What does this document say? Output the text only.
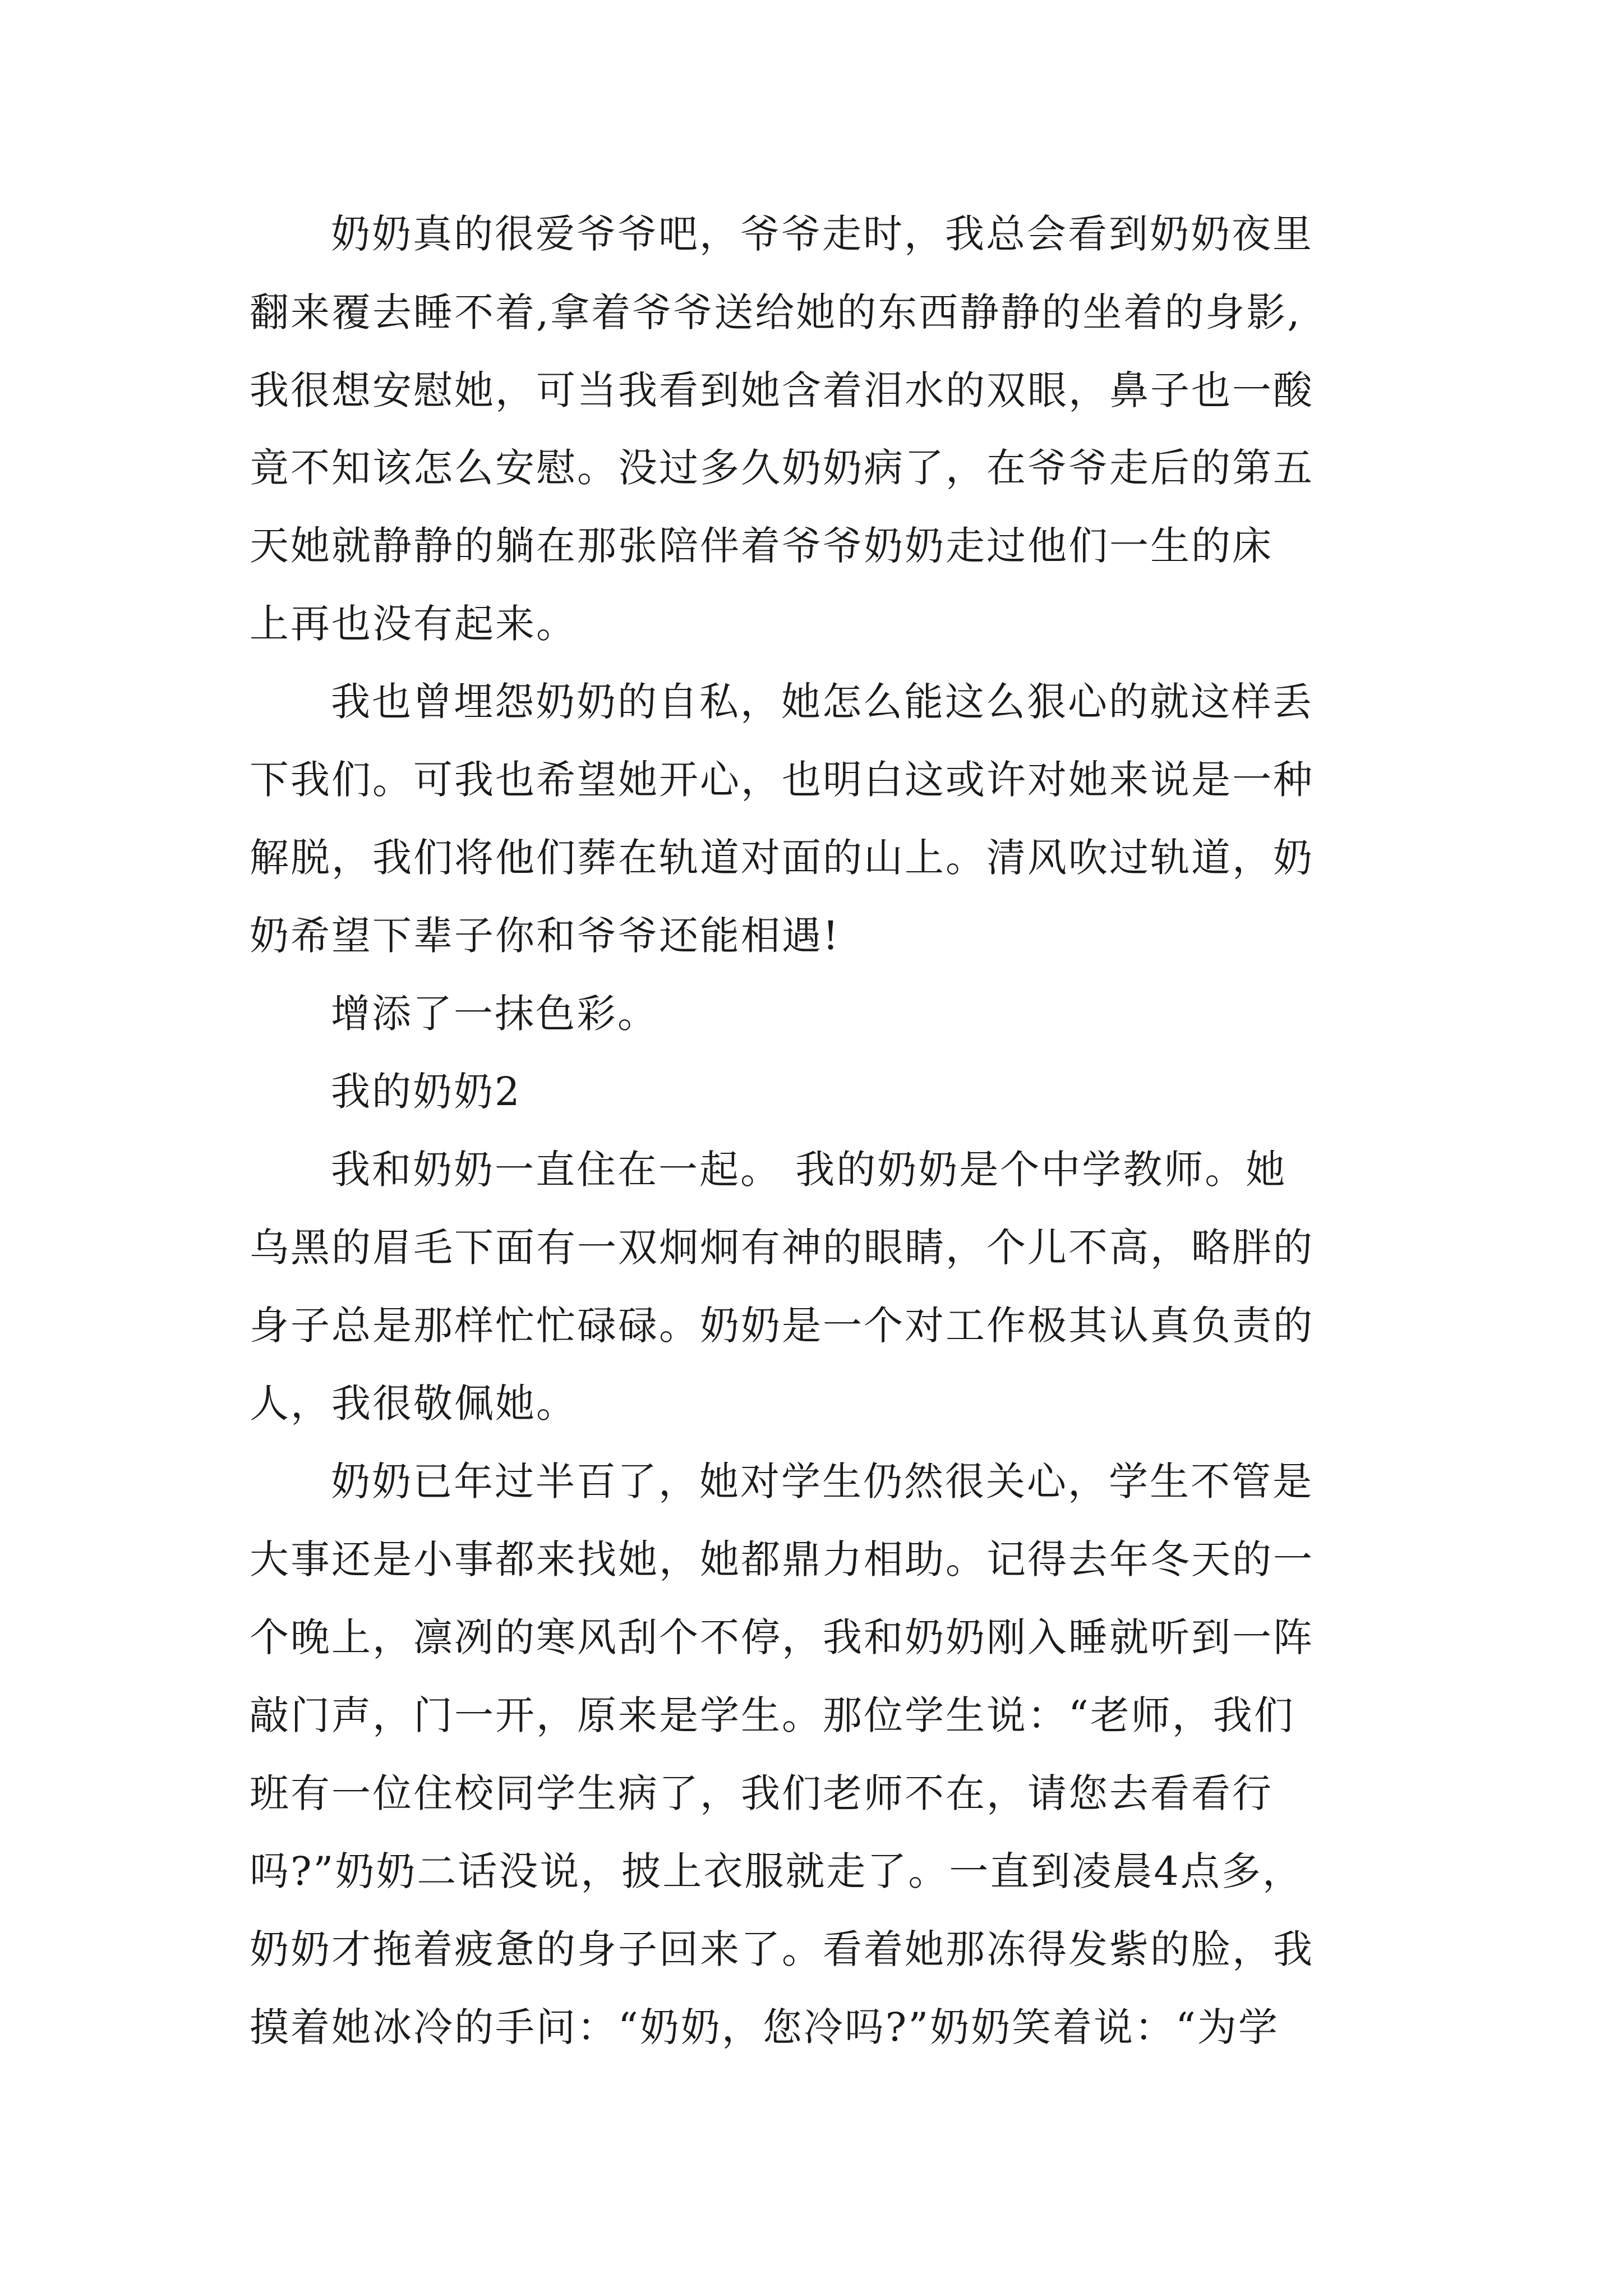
奶奶真的很爱爷爷吧，爷爷走时，我总会看到奶奶夜里
翻来覆去睡不着,拿着爷爷送给她的东西静静的坐着的身影,
我很想安慰她，可当我看到她含着泪水的双眼，鼻子也一酸
竟不知该怎么安慰。没过多久奶奶病了，在爷爷走后的第五
天她就静静的躺在那张陪伴着爷爷奶奶走过他们一生的床
上再也没有起来。
我也曾埋怨奶奶的自私，她怎么能这么狠心的就这样丢
下我们。可我也希望她开心，也明白这或许对她来说是一种
解脱，我们将他们葬在轨道对面的山上。清风吹过轨道，奶
奶希望下辈子你和爷爷还能相遇!
增添了一抹色彩。
我的奶奶2
我和奶奶一直住在一起。 我的奶奶是个中学教师。她
乌黑的眉毛下面有一双炯炯有神的眼睛，个儿不高，略胖的
身子总是那样忙忙碌碌。奶奶是一个对工作极其认真负责的
人，我很敬佩她。
奶奶已年过半百了，她对学生仍然很关心，学生不管是
大事还是小事都来找她，她都鼎力相助。记得去年冬天的一
个晚上，凛冽的寒风刮个不停，我和奶奶刚入睡就听到一阵
敲门声，门一开，原来是学生。那位学生说：“老师，我们
班有一位住校同学生病了，我们老师不在，请您去看看行
吗?”奶奶二话没说，披上衣服就走了。一直到凌晨4点多，
奶奶才拖着疲惫的身子回来了。看着她那冻得发紫的脸，我
摸着她冰冷的手问：“奶奶，您冷吗?”奶奶笑着说：“为学
